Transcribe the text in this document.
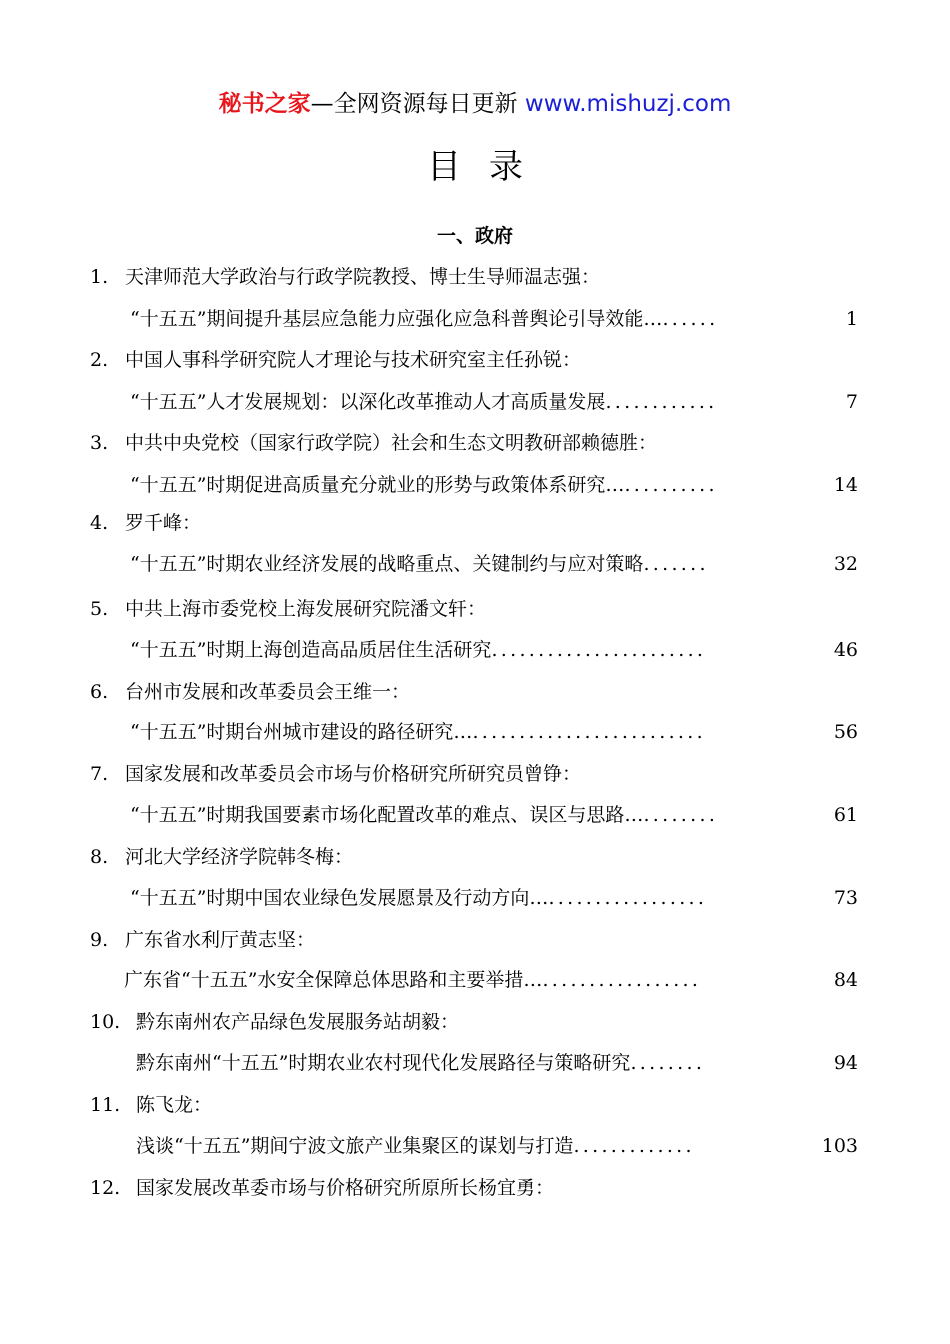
秘书之家—全网资源每日更新 www.mishuzj.com
目录
一、政府
1. 天津师范大学政治与行政学院教授、博士生导师温志强：
“十五五”期间提升基层应急能力应强化应急科普舆论引导效能… ......	1
2. 中国人事科学研究院人才理论与技术研究室主任孙锐：
“十五五”人才发展规划：以深化改革推动人才高质量发展 ............	7
3. 中共中央党校（国家行政学院）社会和生态文明教研部赖德胜：
“十五五”时期促进高质量充分就业的形势与政策体系研究… ..........	14
4. 罗千峰：
“十五五”时期农业经济发展的战略重点、关键制约与应对策略 .......	32
5. 中共上海市委党校上海发展研究院潘文轩：
“十五五”时期上海创造高品质居住生活研究 .......................	46
6. 台州市发展和改革委员会王维一：
“十五五”时期台州城市建设的路径研究… .........................	56
7. 国家发展和改革委员会市场与价格研究所研究员曾铮：
“十五五”时期我国要素市场化配置改革的难点、误区与思路… ........	61
8. 河北大学经济学院韩冬梅：
“十五五”时期中国农业绿色发展愿景及行动方向… .................	73
9. 广东省水利厅黄志坚：
广东省“十五五”水安全保障总体思路和主要举措… .................	84
10. 黔东南州农产品绿色发展服务站胡毅：
黔东南州“十五五”时期农业农村现代化发展路径与策略研究 ........	94
11. 陈飞龙：
浅谈“十五五”期间宁波文旅产业集聚区的谋划与打造 .............	103
12. 国家发展改革委市场与价格研究所原所长杨宜勇：
